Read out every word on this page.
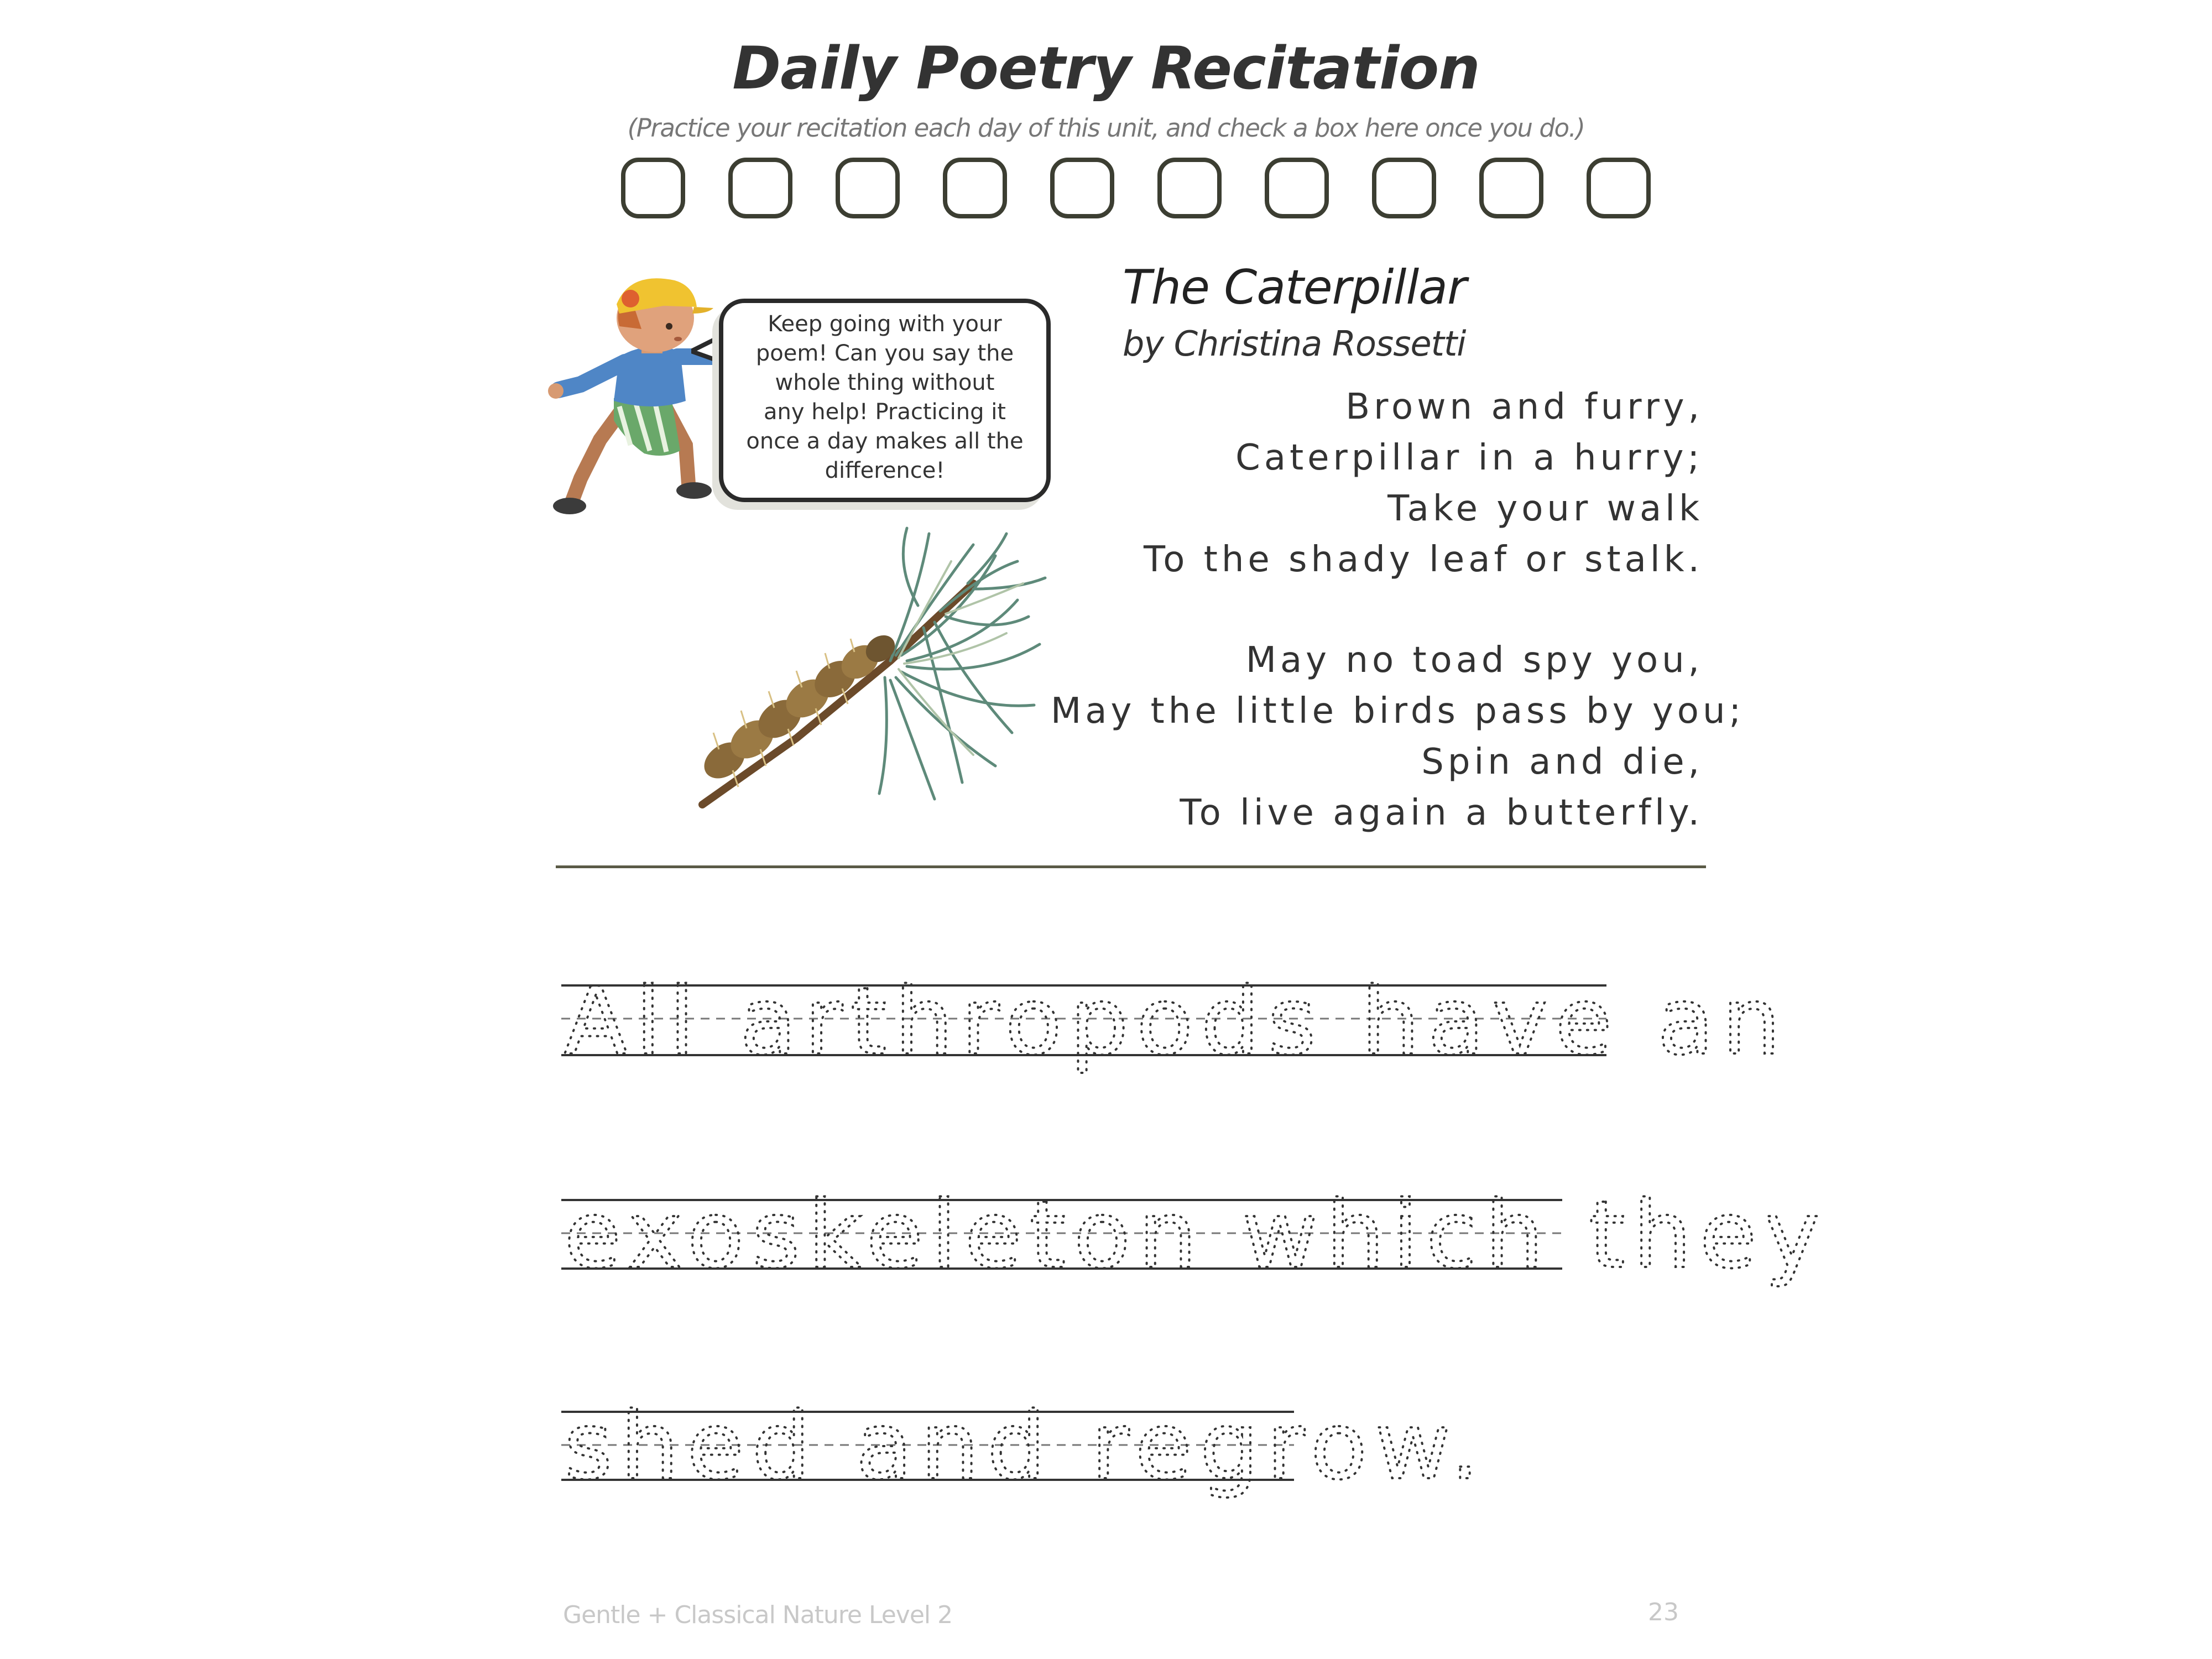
Daily Poetry Recitation
(Practice your recitation each day of this unit, and check a box here once you do.)
Keep going with your
poem! Can you say the
whole thing without
any help! Practicing it
once a day makes all the
difference!
The Caterpillar
by Christina Rossetti
Brown and furry,
Caterpillar in a hurry;
Take your walk
To the shady leaf or stalk.
May no toad spy you,
May the little birds pass by you;
Spin and die,
To live again a butterfly.
All arthropods have an
exoskeleton which they
shed and regrow.
Gentle + Classical Nature Level 2	23
